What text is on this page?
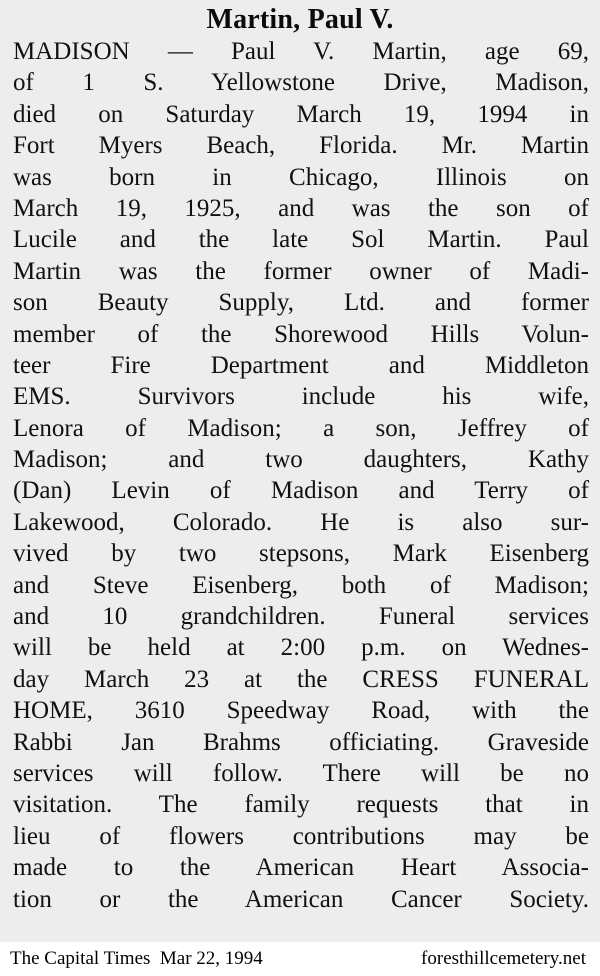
Martin, Paul V.
MADISON — Paul V. Martin, age 69,
of 1 S. Yellowstone Drive, Madison,
died on Saturday March 19, 1994 in
Fort Myers Beach, Florida. Mr. Martin
was born in Chicago, Illinois on
March 19, 1925, and was the son of
Lucile and the late Sol Martin. Paul
Martin was the former owner of Madi-
son Beauty Supply, Ltd. and former
member of the Shorewood Hills Volun-
teer Fire Department and Middleton
EMS. Survivors include his wife,
Lenora of Madison; a son, Jeffrey of
Madison; and two daughters, Kathy
(Dan) Levin of Madison and Terry of
Lakewood, Colorado. He is also sur-
vived by two stepsons, Mark Eisenberg
and Steve Eisenberg, both of Madison;
and 10 grandchildren. Funeral services
will be held at 2:00 p.m. on Wednes-
day March 23 at the CRESS FUNERAL
HOME, 3610 Speedway Road, with the
Rabbi Jan Brahms officiating. Graveside
services will follow. There will be no
visitation. The family requests that in
lieu of flowers contributions may be
made to the American Heart Associa-
tion or the American Cancer Society.
The Capital Times  Mar 22, 1994	foresthillcemetery.net
